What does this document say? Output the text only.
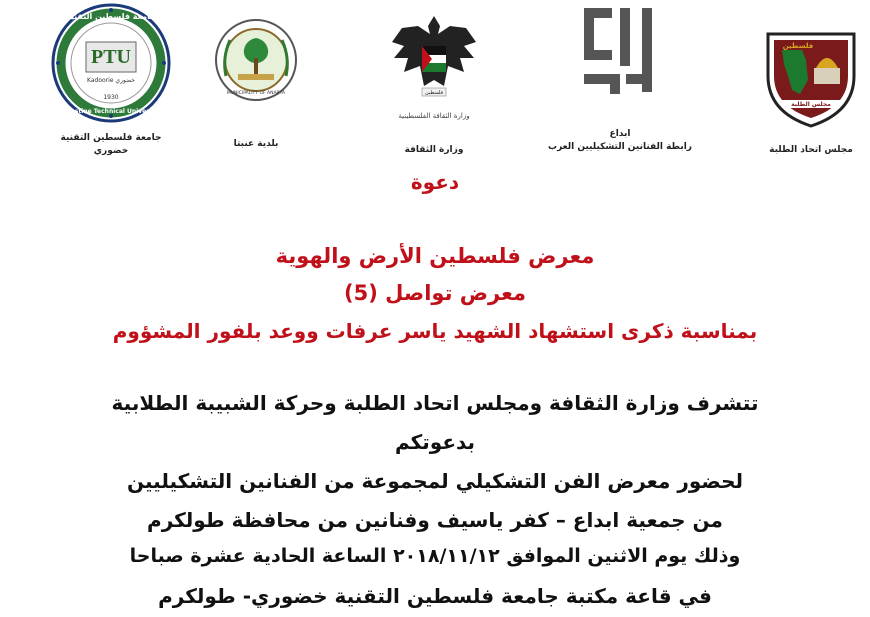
PTU
Kadoorie خضوري
1930
جامعة فلسطين التقنية
Palestine Technical University
جامعة فلسطين التقنية
خضوري
MUNICIPALITY OF ANABTA
بلدية عنبتا
فلسطين
وزارة الثقافة الفلسطينية
وزارة الثقافة
ابداع
رابطة الفنانين التشكيليين العرب
مجلس الطلبة
فلسطين
مجلس اتحاد الطلبة
دعوة
معرض فلسطين الأرض والهوية
معرض تواصل (5)
بمناسبة ذكرى استشهاد الشهيد ياسر عرفات ووعد بلفور المشؤوم
تتشرف وزارة الثقافة ومجلس اتحاد الطلبة وحركة الشبيبة الطلابية
بدعوتكم
لحضور معرض الفن التشكيلي لمجموعة من الفنانين التشكيليين
من جمعية ابداع – كفر ياسيف وفنانين من محافظة طولكرم
وذلك يوم الاثنين الموافق ٢٠١٨/١١/١٢ الساعة الحادية عشرة صباحا
في قاعة مكتبة جامعة فلسطين التقنية خضوري- طولكرم
